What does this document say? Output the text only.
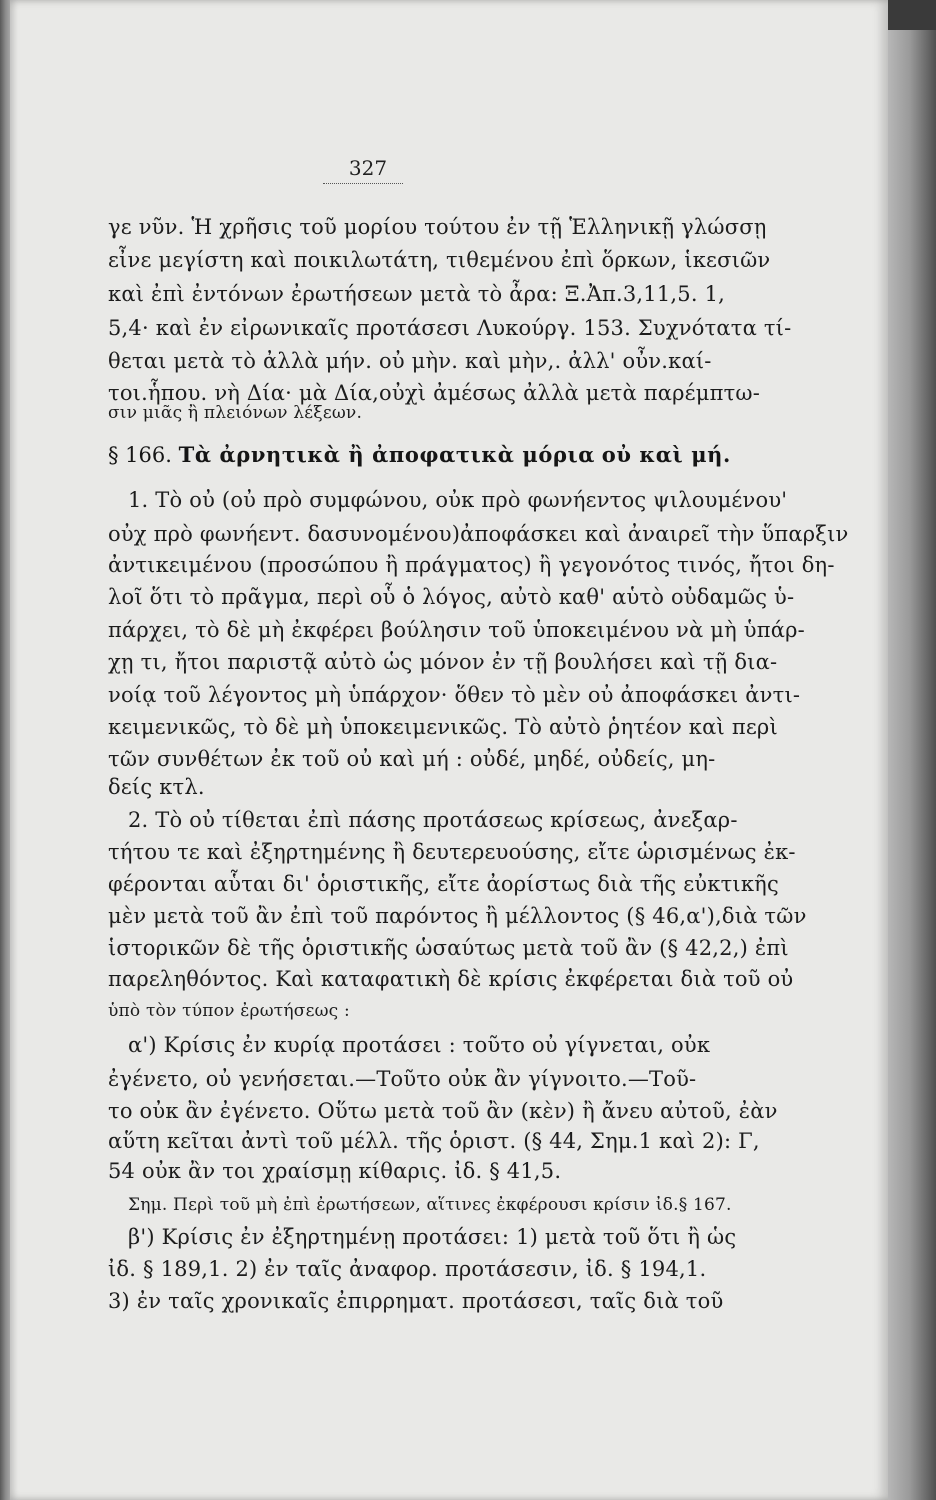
327
γε νῦν. Ἡ χρῆσις τοῦ μορίου τούτου ἐν τῇ Ἑλληνικῇ γλώσσῃ
εἶνε μεγίστη καὶ ποικιλωτάτη, τιθεμένου ἐπὶ ὅρκων, ἱκεσιῶν
καὶ ἐπὶ ἐντόνων ἐρωτήσεων μετὰ τὸ ἆρα: Ξ.Ἀπ.3,11,5. 1,
5,4· καὶ ἐν εἰρωνικαῖς προτάσεσι Λυκούργ. 153. Συχνότατα τί-
θεται μετὰ τὸ ἀλλὰ μήν. οὐ μὴν. καὶ μὴν,. ἀλλ' οὖν.καί-
τοι.ἧπου. νὴ Δία· μὰ Δία,οὐχὶ ἀμέσως ἀλλὰ μετὰ παρέμπτω-
σιν μιᾶς ἢ πλειόνων λέξεων.
§ 166. Τὰ ἀρνητικὰ ἢ ἀποφατικὰ μόρια οὐ καὶ μή.
1. Τὸ οὐ (οὐ πρὸ συμφώνου, οὐκ πρὸ φωνήεντος ψιλουμένου'
οὐχ πρὸ φωνήεντ. δασυνομένου)ἀποφάσκει καὶ ἀναιρεῖ τὴν ὕπαρξιν
ἀντικειμένου (προσώπου ἢ πράγματος) ἢ γεγονότος τινός, ἤτοι δη-
λοῖ ὅτι τὸ πρᾶγμα, περὶ οὗ ὁ λόγος, αὐτὸ καθ' αὑτὸ οὐδαμῶς ὑ-
πάρχει, τὸ δὲ μὴ ἐκφέρει βούλησιν τοῦ ὑποκειμένου νὰ μὴ ὑπάρ-
χῃ τι, ἤτοι παριστᾷ αὐτὸ ὡς μόνον ἐν τῇ βουλήσει καὶ τῇ δια-
νοίᾳ τοῦ λέγοντος μὴ ὑπάρχον· ὅθεν τὸ μὲν οὐ ἀποφάσκει ἀντι-
κειμενικῶς, τὸ δὲ μὴ ὑποκειμενικῶς. Τὸ αὐτὸ ῥητέον καὶ περὶ
τῶν συνθέτων ἐκ τοῦ οὐ καὶ μή : οὐδέ, μηδέ, οὐδείς, μη-
δείς κτλ.
2. Τὸ οὐ τίθεται ἐπὶ πάσης προτάσεως κρίσεως, ἀνεξαρ-
τήτου τε καὶ ἐξηρτημένης ἢ δευτερευούσης, εἴτε ὡρισμένως ἐκ-
φέρονται αὗται δι' ὁριστικῆς, εἴτε ἀορίστως διὰ τῆς εὐκτικῆς
μὲν μετὰ τοῦ ἂν ἐπὶ τοῦ παρόντος ἢ μέλλοντος (§ 46,α'),διὰ τῶν
ἱστορικῶν δὲ τῆς ὁριστικῆς ὡσαύτως μετὰ τοῦ ἂν (§ 42,2,) ἐπὶ
παρεληθόντος. Καὶ καταφατικὴ δὲ κρίσις ἐκφέρεται διὰ τοῦ οὐ
ὑπὸ τὸν τύπον ἐρωτήσεως :
α') Κρίσις ἐν κυρίᾳ προτάσει : τοῦτο οὐ γίγνεται, οὐκ
ἐγένετο, οὐ γενήσεται.—Τοῦτο οὐκ ἂν γίγνοιτο.—Τοῦ-
το οὐκ ἂν ἐγένετο. Οὕτω μετὰ τοῦ ἂν (κὲν) ἢ ἄνευ αὐτοῦ, ἐὰν
αὕτη κεῖται ἀντὶ τοῦ μέλλ. τῆς ὁριστ. (§ 44, Σημ.1 καὶ 2): Γ,
54 οὐκ ἂν τοι χραίσμῃ κίθαρις. ἰδ. § 41,5.
Σημ. Περὶ τοῦ μὴ ἐπὶ ἐρωτήσεων, αἵτινες ἐκφέρουσι κρίσιν ἰδ.§ 167.
β') Κρίσις ἐν ἐξηρτημένῃ προτάσει: 1) μετὰ τοῦ ὅτι ἢ ὡς
ἰδ. § 189,1. 2) ἐν ταῖς ἀναφορ. προτάσεσιν, ἰδ. § 194,1.
3) ἐν ταῖς χρονικαῖς ἐπιρρηματ. προτάσεσι, ταῖς διὰ τοῦ
